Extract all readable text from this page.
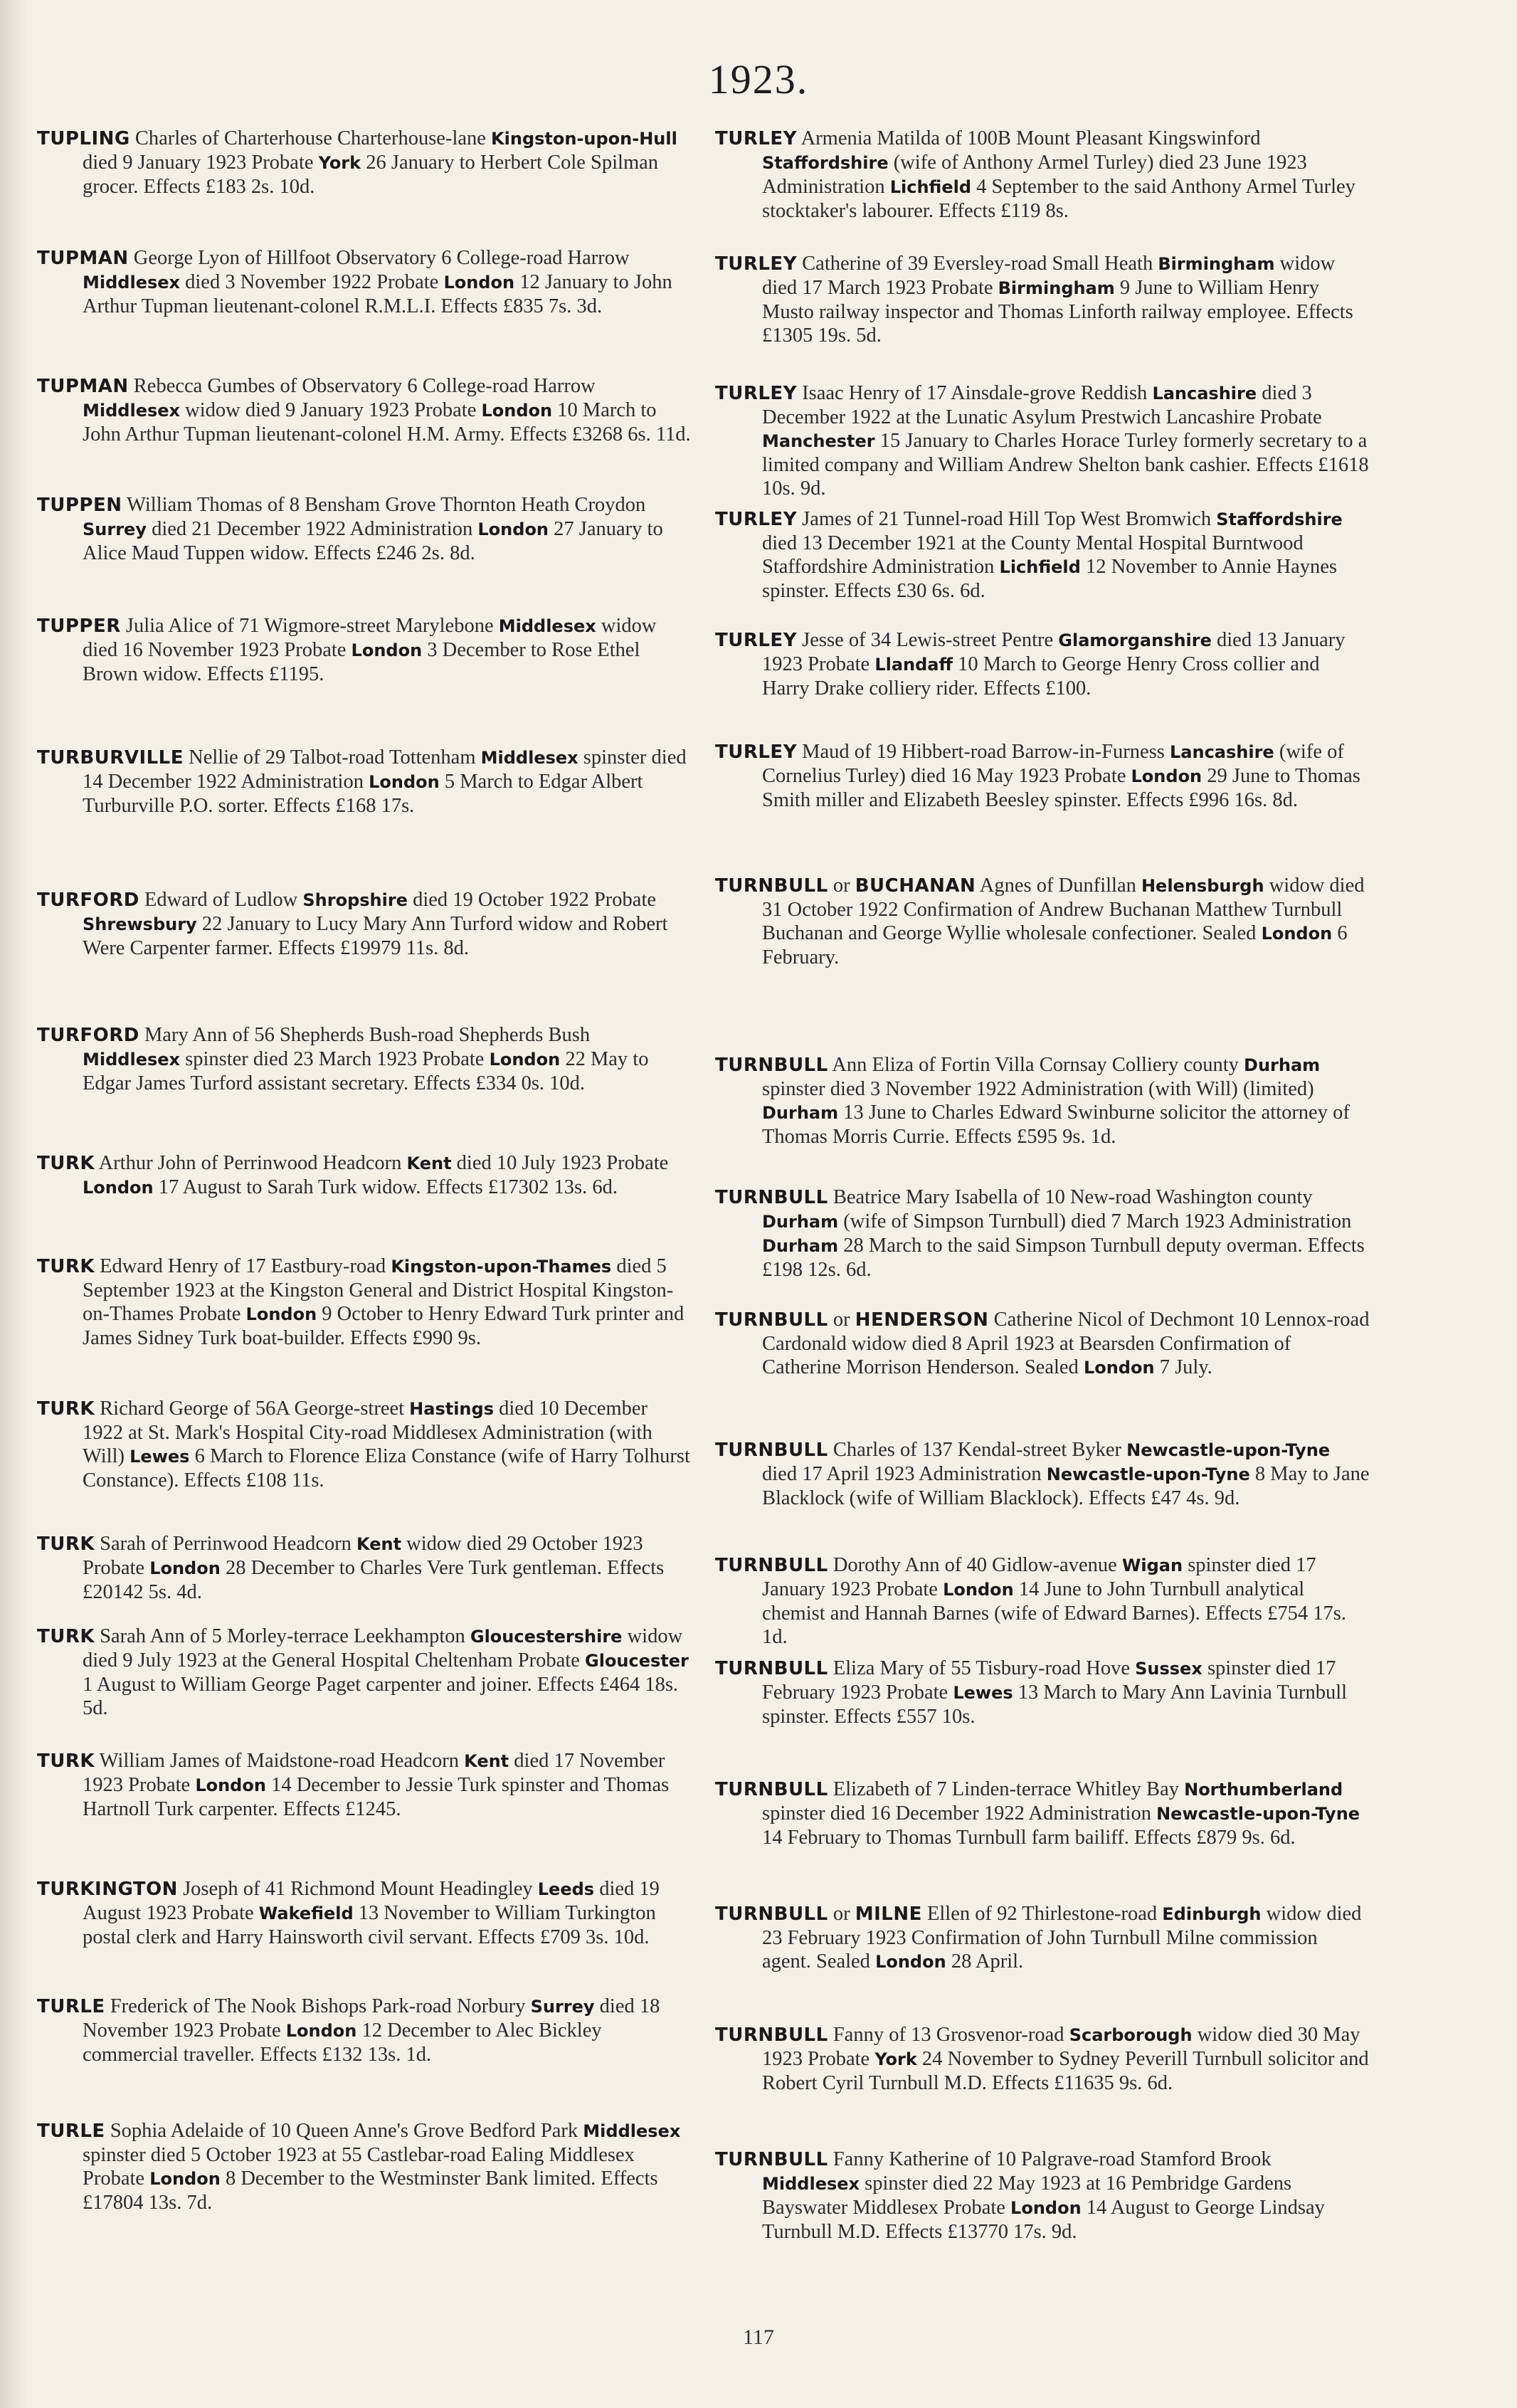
1923.
TUPLING Charles of Charterhouse Charterhouse-lane Kingston-upon-Hull died 9 January 1923 Probate York 26 January to Herbert Cole Spilman grocer. Effects £183 2s. 10d.
TUPMAN George Lyon of Hillfoot Observatory 6 College-road Harrow Middlesex died 3 November 1922 Probate London 12 January to John Arthur Tupman lieutenant-colonel R.M.L.I. Effects £835 7s. 3d.
TUPMAN Rebecca Gumbes of Observatory 6 College-road Harrow Middlesex widow died 9 January 1923 Probate London 10 March to John Arthur Tupman lieutenant-colonel H.M. Army. Effects £3268 6s. 11d.
TUPPEN William Thomas of 8 Bensham Grove Thornton Heath Croydon Surrey died 21 December 1922 Administration London 27 January to Alice Maud Tuppen widow. Effects £246 2s. 8d.
TUPPER Julia Alice of 71 Wigmore-street Marylebone Middlesex widow died 16 November 1923 Probate London 3 December to Rose Ethel Brown widow. Effects £1195.
TURBURVILLE Nellie of 29 Talbot-road Tottenham Middlesex spinster died 14 December 1922 Administration London 5 March to Edgar Albert Turburville P.O. sorter. Effects £168 17s.
TURFORD Edward of Ludlow Shropshire died 19 October 1922 Probate Shrewsbury 22 January to Lucy Mary Ann Turford widow and Robert Were Carpenter farmer. Effects £19979 11s. 8d.
TURFORD Mary Ann of 56 Shepherds Bush-road Shepherds Bush Middlesex spinster died 23 March 1923 Probate London 22 May to Edgar James Turford assistant secretary. Effects £334 0s. 10d.
TURK Arthur John of Perrinwood Headcorn Kent died 10 July 1923 Probate London 17 August to Sarah Turk widow. Effects £17302 13s. 6d.
TURK Edward Henry of 17 Eastbury-road Kingston-upon-Thames died 5 September 1923 at the Kingston General and District Hospital Kingston-on-Thames Probate London 9 October to Henry Edward Turk printer and James Sidney Turk boat-builder. Effects £990 9s.
TURK Richard George of 56A George-street Hastings died 10 December 1922 at St. Mark's Hospital City-road Middlesex Administration (with Will) Lewes 6 March to Florence Eliza Constance (wife of Harry Tolhurst Constance). Effects £108 11s.
TURK Sarah of Perrinwood Headcorn Kent widow died 29 October 1923 Probate London 28 December to Charles Vere Turk gentleman. Effects £20142 5s. 4d.
TURK Sarah Ann of 5 Morley-terrace Leekhampton Gloucestershire widow died 9 July 1923 at the General Hospital Cheltenham Probate Gloucester 1 August to William George Paget carpenter and joiner. Effects £464 18s. 5d.
TURK William James of Maidstone-road Headcorn Kent died 17 November 1923 Probate London 14 December to Jessie Turk spinster and Thomas Hartnoll Turk carpenter. Effects £1245.
TURKINGTON Joseph of 41 Richmond Mount Headingley Leeds died 19 August 1923 Probate Wakefield 13 November to William Turkington postal clerk and Harry Hainsworth civil servant. Effects £709 3s. 10d.
TURLE Frederick of The Nook Bishops Park-road Norbury Surrey died 18 November 1923 Probate London 12 December to Alec Bickley commercial traveller. Effects £132 13s. 1d.
TURLE Sophia Adelaide of 10 Queen Anne's Grove Bedford Park Middlesex spinster died 5 October 1923 at 55 Castlebar-road Ealing Middlesex Probate London 8 December to the Westminster Bank limited. Effects £17804 13s. 7d.
TURLEY Armenia Matilda of 100B Mount Pleasant Kingswinford Staffordshire (wife of Anthony Armel Turley) died 23 June 1923 Administration Lichfield 4 September to the said Anthony Armel Turley stocktaker's labourer. Effects £119 8s.
TURLEY Catherine of 39 Eversley-road Small Heath Birmingham widow died 17 March 1923 Probate Birmingham 9 June to William Henry Musto railway inspector and Thomas Linforth railway employee. Effects £1305 19s. 5d.
TURLEY Isaac Henry of 17 Ainsdale-grove Reddish Lancashire died 3 December 1922 at the Lunatic Asylum Prestwich Lancashire Probate Manchester 15 January to Charles Horace Turley formerly secretary to a limited company and William Andrew Shelton bank cashier. Effects £1618 10s. 9d.
TURLEY James of 21 Tunnel-road Hill Top West Bromwich Staffordshire died 13 December 1921 at the County Mental Hospital Burntwood Staffordshire Administration Lichfield 12 November to Annie Haynes spinster. Effects £30 6s. 6d.
TURLEY Jesse of 34 Lewis-street Pentre Glamorganshire died 13 January 1923 Probate Llandaff 10 March to George Henry Cross collier and Harry Drake colliery rider. Effects £100.
TURLEY Maud of 19 Hibbert-road Barrow-in-Furness Lancashire (wife of Cornelius Turley) died 16 May 1923 Probate London 29 June to Thomas Smith miller and Elizabeth Beesley spinster. Effects £996 16s. 8d.
TURNBULL or BUCHANAN Agnes of Dunfillan Helensburgh widow died 31 October 1922 Confirmation of Andrew Buchanan Matthew Turnbull Buchanan and George Wyllie wholesale confectioner. Sealed London 6 February.
TURNBULL Ann Eliza of Fortin Villa Cornsay Colliery county Durham spinster died 3 November 1922 Administration (with Will) (limited) Durham 13 June to Charles Edward Swinburne solicitor the attorney of Thomas Morris Currie. Effects £595 9s. 1d.
TURNBULL Beatrice Mary Isabella of 10 New-road Washington county Durham (wife of Simpson Turnbull) died 7 March 1923 Administration Durham 28 March to the said Simpson Turnbull deputy overman. Effects £198 12s. 6d.
TURNBULL or HENDERSON Catherine Nicol of Dechmont 10 Lennox-road Cardonald widow died 8 April 1923 at Bearsden Confirmation of Catherine Morrison Henderson. Sealed London 7 July.
TURNBULL Charles of 137 Kendal-street Byker Newcastle-upon-Tyne died 17 April 1923 Administration Newcastle-upon-Tyne 8 May to Jane Blacklock (wife of William Blacklock). Effects £47 4s. 9d.
TURNBULL Dorothy Ann of 40 Gidlow-avenue Wigan spinster died 17 January 1923 Probate London 14 June to John Turnbull analytical chemist and Hannah Barnes (wife of Edward Barnes). Effects £754 17s. 1d.
TURNBULL Eliza Mary of 55 Tisbury-road Hove Sussex spinster died 17 February 1923 Probate Lewes 13 March to Mary Ann Lavinia Turnbull spinster. Effects £557 10s.
TURNBULL Elizabeth of 7 Linden-terrace Whitley Bay Northumberland spinster died 16 December 1922 Administration Newcastle-upon-Tyne 14 February to Thomas Turnbull farm bailiff. Effects £879 9s. 6d.
TURNBULL or MILNE Ellen of 92 Thirlestone-road Edinburgh widow died 23 February 1923 Confirmation of John Turnbull Milne commission agent. Sealed London 28 April.
TURNBULL Fanny of 13 Grosvenor-road Scarborough widow died 30 May 1923 Probate York 24 November to Sydney Peverill Turnbull solicitor and Robert Cyril Turnbull M.D. Effects £11635 9s. 6d.
TURNBULL Fanny Katherine of 10 Palgrave-road Stamford Brook Middlesex spinster died 22 May 1923 at 16 Pembridge Gardens Bayswater Middlesex Probate London 14 August to George Lindsay Turnbull M.D. Effects £13770 17s. 9d.
117
